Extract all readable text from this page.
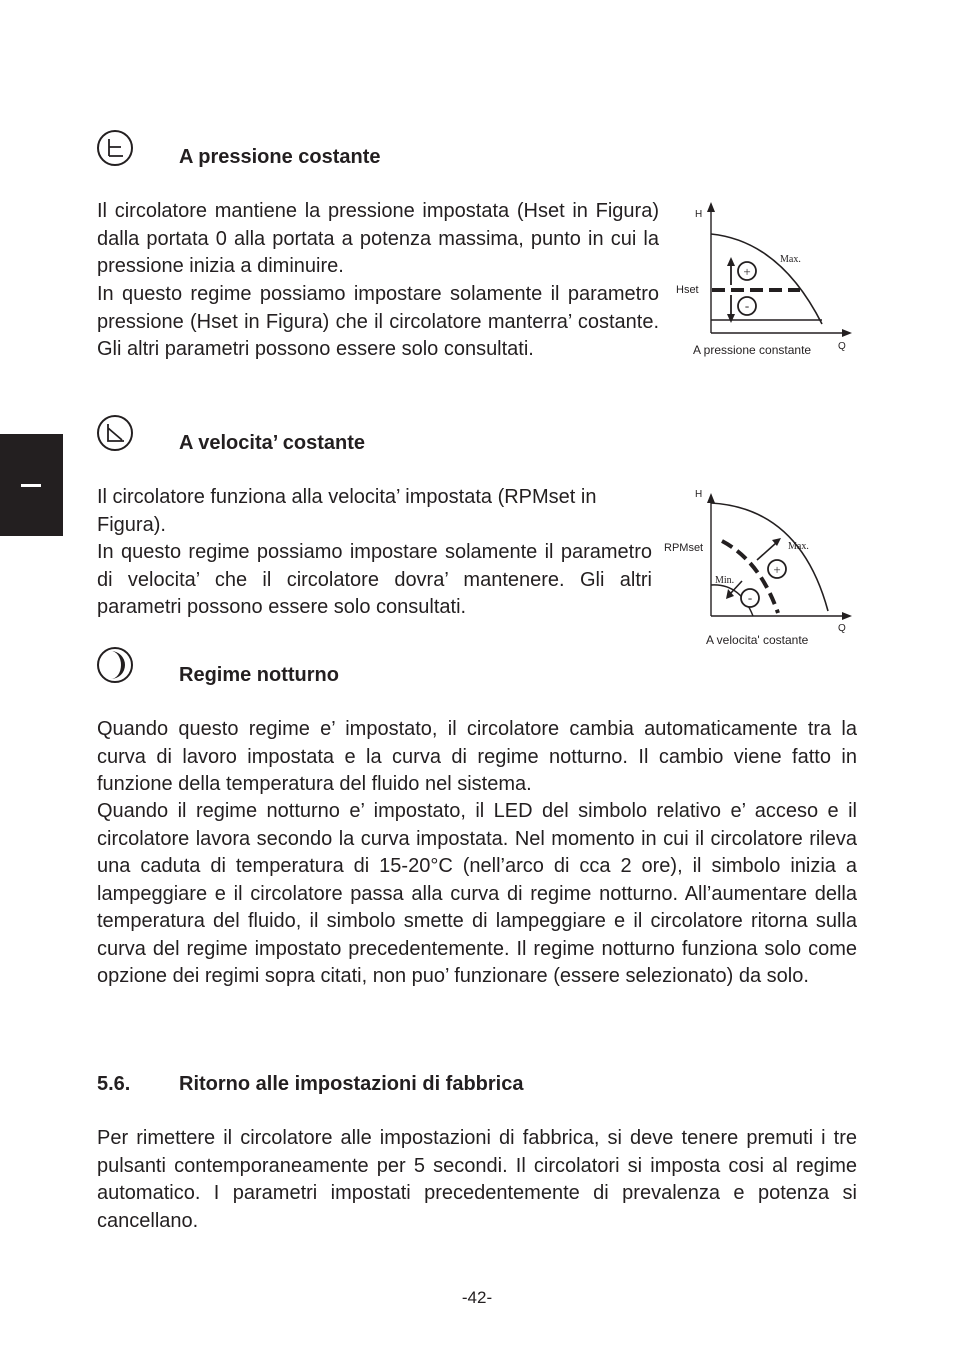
A pressione costante

Il circolatore mantiene la pressione impostata (Hset in Figura) dalla portata 0 alla portata a potenza massima, punto in cui la pressione inizia a diminuire.

In questo regime possiamo impostare solamente il parametro pressione (Hset in Figura) che il circolatore manterra’ costante. Gli altri parametri possono essere solo consultati.

H
Q
Hset
Max.
+
-
A pressione constante
A velocita’ costante

Il circolatore funziona alla velocita’ impostata (RPMset in Figura).

In questo regime possiamo impostare solamente il parametro di velocita’ che il circolatore dovra’ mantenere. Gli altri parametri possono essere solo consultati.

H
Q
RPMset	Max.
Min.
+
-
A velocita' costante
Regime notturno

Quando questo regime e’ impostato, il circolatore cambia automaticamente tra la curva di lavoro impostata e la curva di regime notturno. Il cambio viene fatto in funzione della temperatura del fluido nel sistema.

Quando il regime notturno e’ impostato, il LED del simbolo relativo e’ acceso e il circolatore lavora secondo la curva impostata. Nel momento in cui il circolatore rileva una caduta di temperatura di 15-20°C (nell’arco di cca 2 ore), il simbolo inizia a lampeggiare e il circolatore passa alla curva di regime notturno. All’aumentare della temperatura del fluido, il simbolo smette di lampeggiare e il circolatore ritorna sulla curva del regime impostato precedentemente. Il regime notturno funziona solo come opzione dei regimi sopra citati, non puo’ funzionare (essere selezionato) da solo.

5.6. Ritorno alle impostazioni di fabbrica

Per rimettere il circolatore alle impostazioni di fabbrica, si deve tenere premuti i tre pulsanti contemporaneamente per 5 secondi. Il circolatori si imposta cosi al regime automatico. I parametri impostati precedentemente di prevalenza e potenza si cancellano.

-42-
